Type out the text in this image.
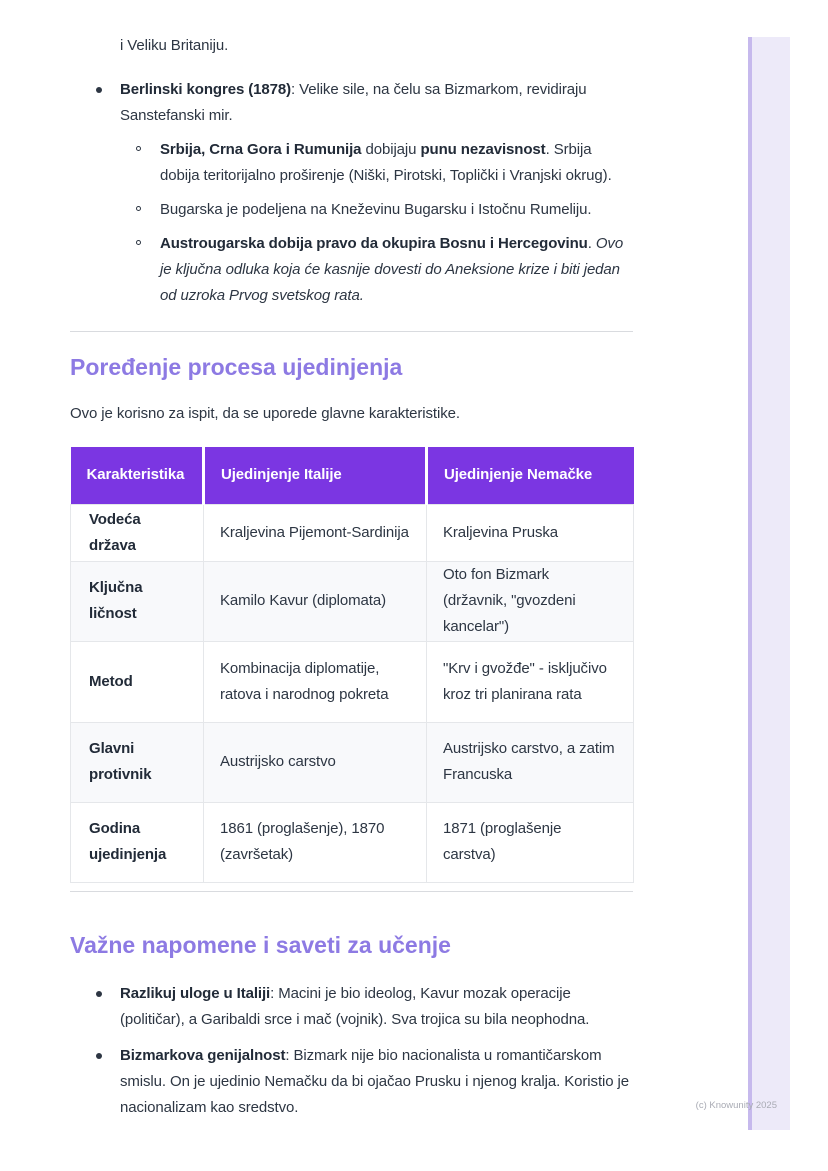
i Veliku Britaniju.
Berlinski kongres (1878): Velike sile, na čelu sa Bizmarkom, revidiraju Sanstefanski mir.
Srbija, Crna Gora i Rumunija dobijaju punu nezavisnost. Srbija dobija teritorijalno proširenje (Niški, Pirotski, Toplički i Vranjski okrug).
Bugarska je podeljena na Kneževinu Bugarsku i Istočnu Rumeliju.
Austrougarska dobija pravo da okupira Bosnu i Hercegovinu. Ovo je ključna odluka koja će kasnije dovesti do Aneksione krize i biti jedan od uzroka Prvog svetskog rata.
Poređenje procesa ujedinjenja

Ovo je korisno za ispit, da se uporede glavne karakteristike.

Karakteristika	Ujedinjenje Italije	Ujedinjenje Nemačke
Vodeća država	Kraljevina Pijemont-Sardinija	Kraljevina Pruska
Ključna ličnost	Kamilo Kavur (diplomata)	Oto fon Bizmark (državnik, "gvozdeni kancelar")
Metod	Kombinacija diplomatije, ratova i narodnog pokreta	"Krv i gvožđe" - isključivo kroz tri planirana rata
Glavni protivnik	Austrijsko carstvo	Austrijsko carstvo, a zatim Francuska
Godina ujedinjenja	1861 (proglašenje), 1870 (završetak)	1871 (proglašenje carstva)
Važne napomene i saveti za učenje
Razlikuj uloge u Italiji: Macini je bio ideolog, Kavur mozak operacije (političar), a Garibaldi srce i mač (vojnik). Sva trojica su bila neophodna.
Bizmarkova genijalnost: Bizmark nije bio nacionalista u romantičarskom smislu. On je ujedinio Nemačku da bi ojačao Prusku i njenog kralja. Koristio je nacionalizam kao sredstvo.	(c) Knowunity 2025
